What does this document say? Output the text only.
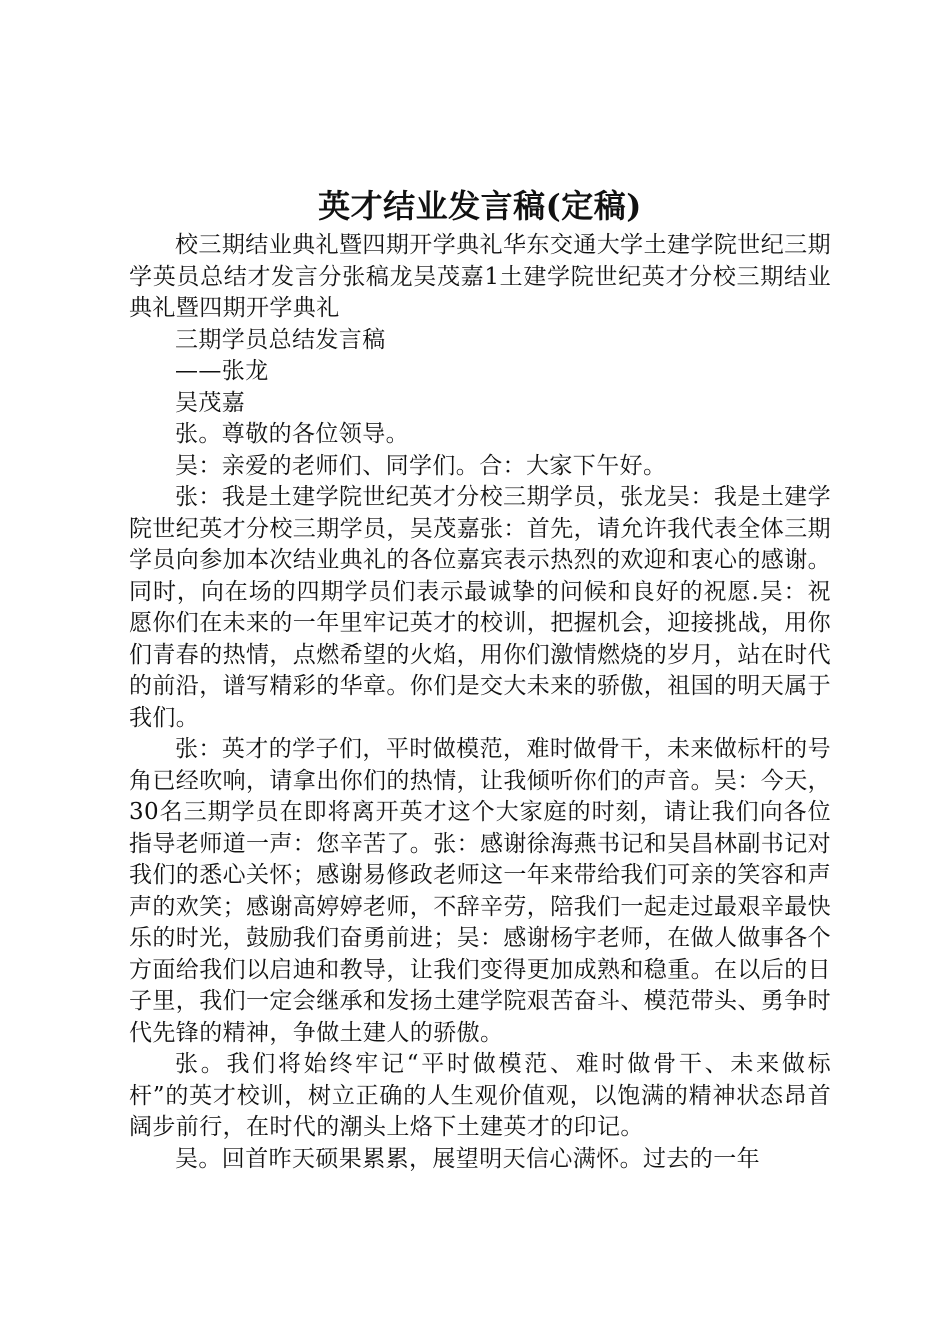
英才结业发言稿(定稿)

校三期结业典礼暨四期开学典礼华东交通大学土建学院世纪三期学英员总结才发言分张稿龙吴茂嘉1土建学院世纪英才分校三期结业典礼暨四期开学典礼

三期学员总结发言稿

——张龙

吴茂嘉

张。尊敬的各位领导。

吴：亲爱的老师们、同学们。合：大家下午好。

张：我是土建学院世纪英才分校三期学员，张龙吴：我是土建学院世纪英才分校三期学员，吴茂嘉张：首先，请允许我代表全体三期学员向参加本次结业典礼的各位嘉宾表示热烈的欢迎和衷心的感谢。同时，向在场的四期学员们表示最诚挚的问候和良好的祝愿.吴：祝愿你们在未来的一年里牢记英才的校训，把握机会，迎接挑战，用你们青春的热情，点燃希望的火焰，用你们激情燃烧的岁月，站在时代的前沿，谱写精彩的华章。你们是交大未来的骄傲，祖国的明天属于我们。

张：英才的学子们，平时做模范，难时做骨干，未来做标杆的号角已经吹响，请拿出你们的热情，让我倾听你们的声音。吴：今天，30名三期学员在即将离开英才这个大家庭的时刻，请让我们向各位指导老师道一声：您辛苦了。张：感谢徐海燕书记和吴昌林副书记对我们的悉心关怀；感谢易修政老师这一年来带给我们可亲的笑容和声声的欢笑；感谢高婷婷老师，不辞辛劳，陪我们一起走过最艰辛最快乐的时光，鼓励我们奋勇前进；吴：感谢杨宇老师，在做人做事各个方面给我们以启迪和教导，让我们变得更加成熟和稳重。在以后的日子里，我们一定会继承和发扬土建学院艰苦奋斗、模范带头、勇争时代先锋的精神，争做土建人的骄傲。

张。我们将始终牢记“平时做模范、难时做骨干、未来做标杆”的英才校训，树立正确的人生观价值观，以饱满的精神状态昂首阔步前行，在时代的潮头上烙下土建英才的印记。

吴。回首昨天硕果累累，展望明天信心满怀。过去的一年
